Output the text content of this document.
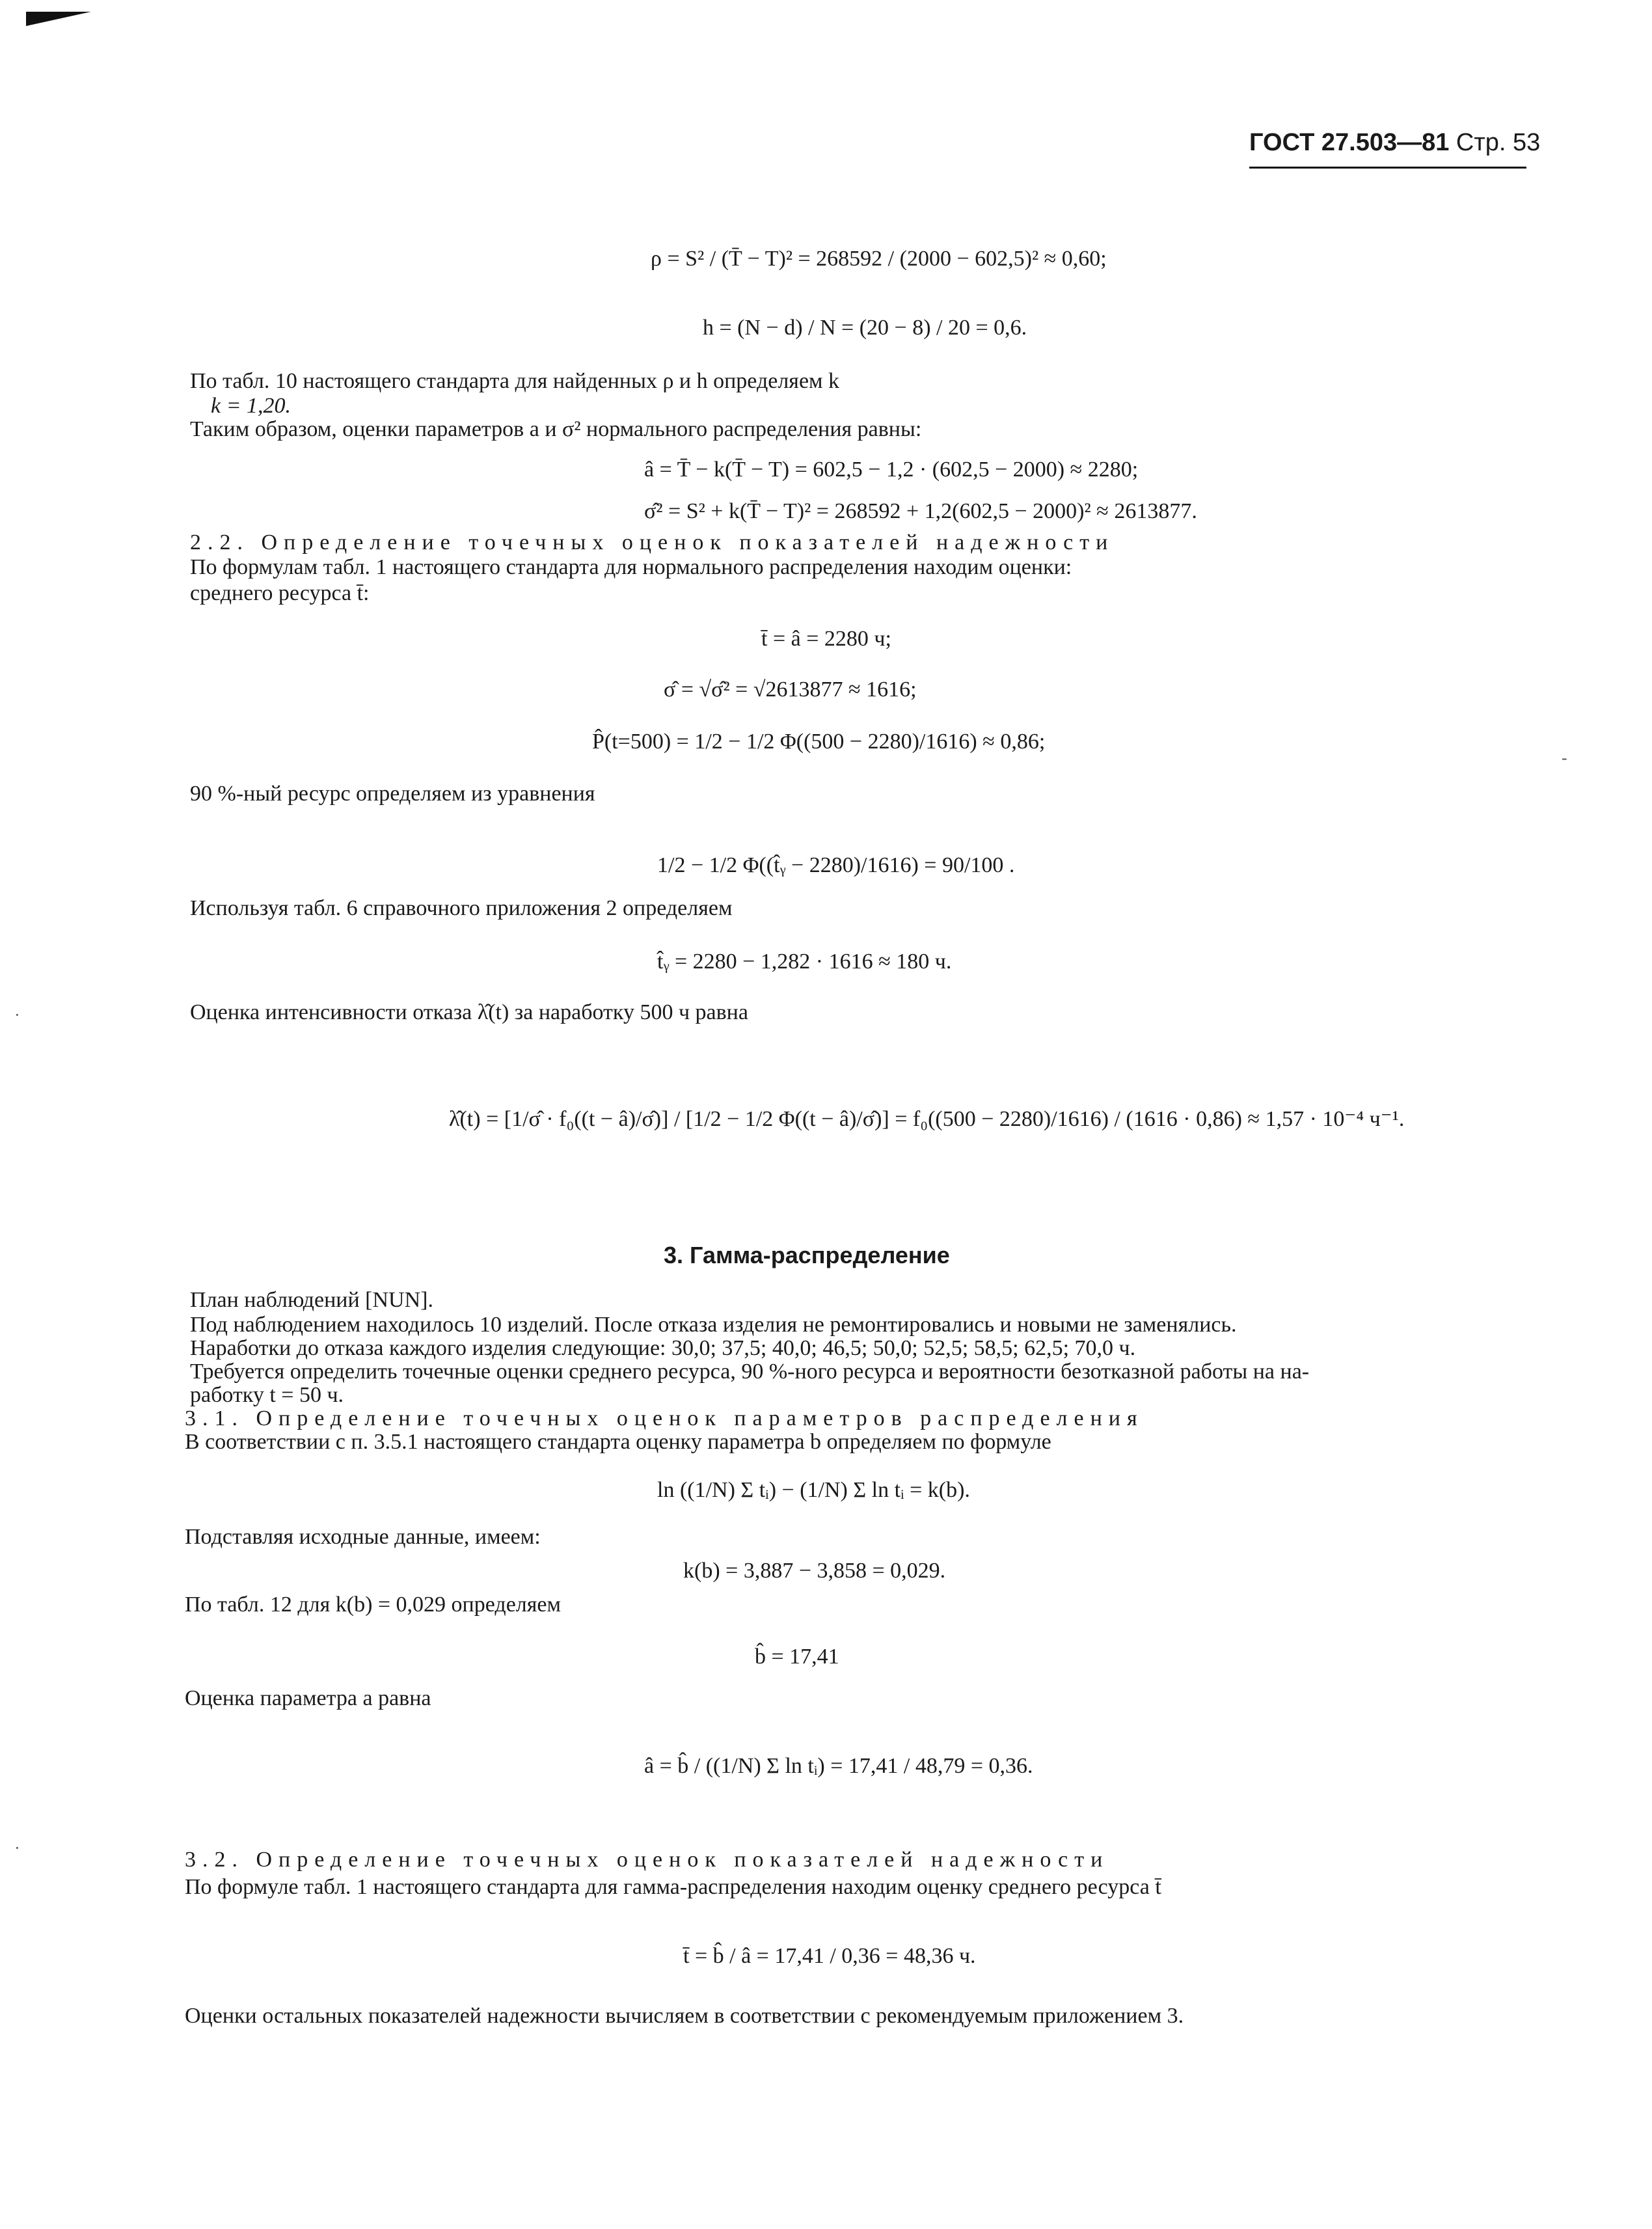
ГОСТ 27.503—81 Стр. 53
ρ = S² / (T̄ − T)² = 268592 / (2000 − 602,5)² ≈ 0,60;
h = (N − d) / N = (20 − 8) / 20 = 0,6.
По табл. 10 настоящего стандарта для найденных ρ и h определяем k
k = 1,20.
Таким образом, оценки параметров a и σ² нормального распределения равны:
â = T̄ − k(T̄ − T) = 602,5 − 1,2 · (602,5 − 2000) ≈ 2280;
σ̂² = S² + k(T̄ − T)² = 268592 + 1,2(602,5 − 2000)² ≈ 2613877.
2.2. Определение точечных оценок показателей надежности
По формулам табл. 1 настоящего стандарта для нормального распределения находим оценки:
среднего ресурса t̄:
t̄ = â = 2280 ч;
σ̂ = √σ̂² = √2613877 ≈ 1616;
P̂(t=500) = 1/2 − 1/2 Φ((500 − 2280)/1616) ≈ 0,86;
90 %-ный ресурс определяем из уравнения
1/2 − 1/2 Φ((t̂ᵧ − 2280)/1616) = 90/100 .
Используя табл. 6 справочного приложения 2 определяем
t̂ᵧ = 2280 − 1,282 · 1616 ≈ 180 ч.
Оценка интенсивности отказа λ̂(t) за наработку 500 ч равна
λ̂(t) = [1/σ̂ · f₀((t − â)/σ̂)] / [1/2 − 1/2 Φ((t − â)/σ̂)] = f₀((500 − 2280)/1616) / (1616 · 0,86) ≈ 1,57 · 10⁻⁴ ч⁻¹.
3. Гамма-распределение
План наблюдений [NUN].
Под наблюдением находилось 10 изделий. После отказа изделия не ремонтировались и новыми не заменялись.
Наработки до отказа каждого изделия следующие: 30,0; 37,5; 40,0; 46,5; 50,0; 52,5; 58,5; 62,5; 70,0 ч.
Требуется определить точечные оценки среднего ресурса, 90 %-ного ресурса и вероятности безотказной работы на на-
работку t = 50 ч.
3.1. Определение точечных оценок параметров распределения
В соответствии с п. 3.5.1 настоящего стандарта оценку параметра b определяем по формуле
ln ((1/N) Σ tᵢ) − (1/N) Σ ln tᵢ = k(b).
Подставляя исходные данные, имеем:
k(b) = 3,887 − 3,858 = 0,029.
По табл. 12 для k(b) = 0,029 определяем
b̂ = 17,41
Оценка параметра a равна
â = b̂ / ((1/N) Σ ln tᵢ) = 17,41 / 48,79 = 0,36.
3.2. Определение точечных оценок показателей надежности
По формуле табл. 1 настоящего стандарта для гамма-распределения находим оценку среднего ресурса t̄
t̄ = b̂ / â = 17,41 / 0,36 = 48,36 ч.
Оценки остальных показателей надежности вычисляем в соответствии с рекомендуемым приложением 3.
-
·
·
